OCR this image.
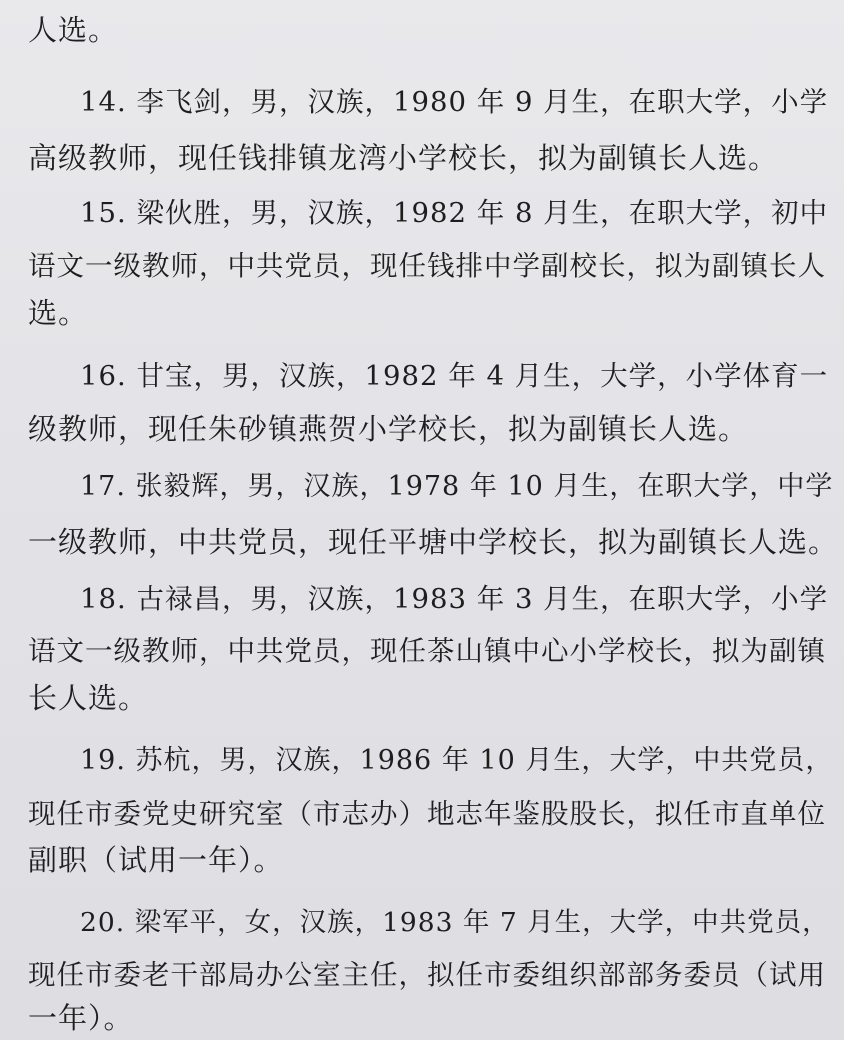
人选。
14. 李飞剑，男，汉族，1980 年 9 月生，在职大学，小学
高级教师，现任钱排镇龙湾小学校长，拟为副镇长人选。
15. 梁伙胜，男，汉族，1982 年 8 月生，在职大学，初中
语文一级教师，中共党员，现任钱排中学副校长，拟为副镇长人
选。
16. 甘宝，男，汉族，1982 年 4 月生，大学，小学体育一
级教师，现任朱砂镇燕贺小学校长，拟为副镇长人选。
17. 张毅辉，男，汉族，1978 年 10 月生，在职大学，中学
一级教师，中共党员，现任平塘中学校长，拟为副镇长人选。
18. 古禄昌，男，汉族，1983 年 3 月生，在职大学，小学
语文一级教师，中共党员，现任茶山镇中心小学校长，拟为副镇
长人选。
19. 苏杭，男，汉族，1986 年 10 月生，大学，中共党员，
现任市委党史研究室（市志办）地志年鉴股股长，拟任市直单位
副职（试用一年）。
20. 梁军平，女，汉族，1983 年 7 月生，大学，中共党员，
现任市委老干部局办公室主任，拟任市委组织部部务委员（试用
一年）。
